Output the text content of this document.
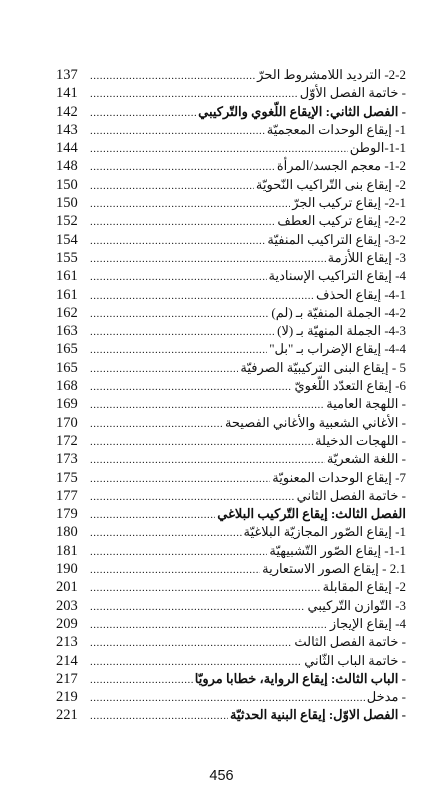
137 .....	2-2- الترديد اللامشروط الحرّ
141 .....	- خاتمة الفصل الأوّل
142 .....	- الفصل الثاني: الإيقاع اللّغوي والتّركيبي
143 .....	1- إيقاع الوحدات المعجميّة
144 .....	1-1-الوطن
148 .....	1-2- معجم الجسد/المرأة
150 .....	2- إيقاع بنى التّراكيب النّحويّة
150 .....	2-1- إيقاع تركيب الجرّ
152 .....	2-2- إيقاع تركيب العطف
154 .....	3-2- إيقاع التراكيب المنفيّة
155 .....	3- إيقاع اللأزمة
161 .....	4- إيقاع التراكيب الإسنادية
161 .....	4-1- إيقاع الحذف
162 .....	4-2- الجملة المنفيّة بـ (لم)
163 .....	4-3- الجملة المنهيّة بـ (لا)
165 .....	4-4- إيقاع الإضراب بـ "بل"
165 .....	5 - إيقاع البنى التركيبيّة الصرفيّة
168 .....	6- إيقاع التعدّد اللّغويّ
169 .....	- اللهجة العامية
170 .....	- الأغاني الشعبية والأغاني الفصيحة
172 .....	- اللهجات الدخيلة
173 .....	- اللغة الشعريّة
175 .....	7- إيقاع الوحدات المعنويّة
177 .....	- خاتمة الفصل الثاني
179 .....	الفصل الثالث: إيقاع التّركيب البلاغي
180 .....	1- إيقاع الصّور المجازيّة البلاغيّة
181 .....	1-1- إيقاع الصّور التّشبيهيّة
190 .....	2.1 - إيقاع الصور الاستعارية
201 .....	2- إيقاع المقابلة
203 .....	3- التّوازن التّركيبي
209 .....	4- إيقاع الإيجاز
213 .....	- خاتمة الفصل الثالث
214 .....	- خاتمة الباب الثّاني
217 .....	- الباب الثالث: إيقاع الرواية، خطابا مرويّا
219 .....	- مدخل
221 .....	- الفصل الاوّل: إيقاع البنية الحدثيّة
456
